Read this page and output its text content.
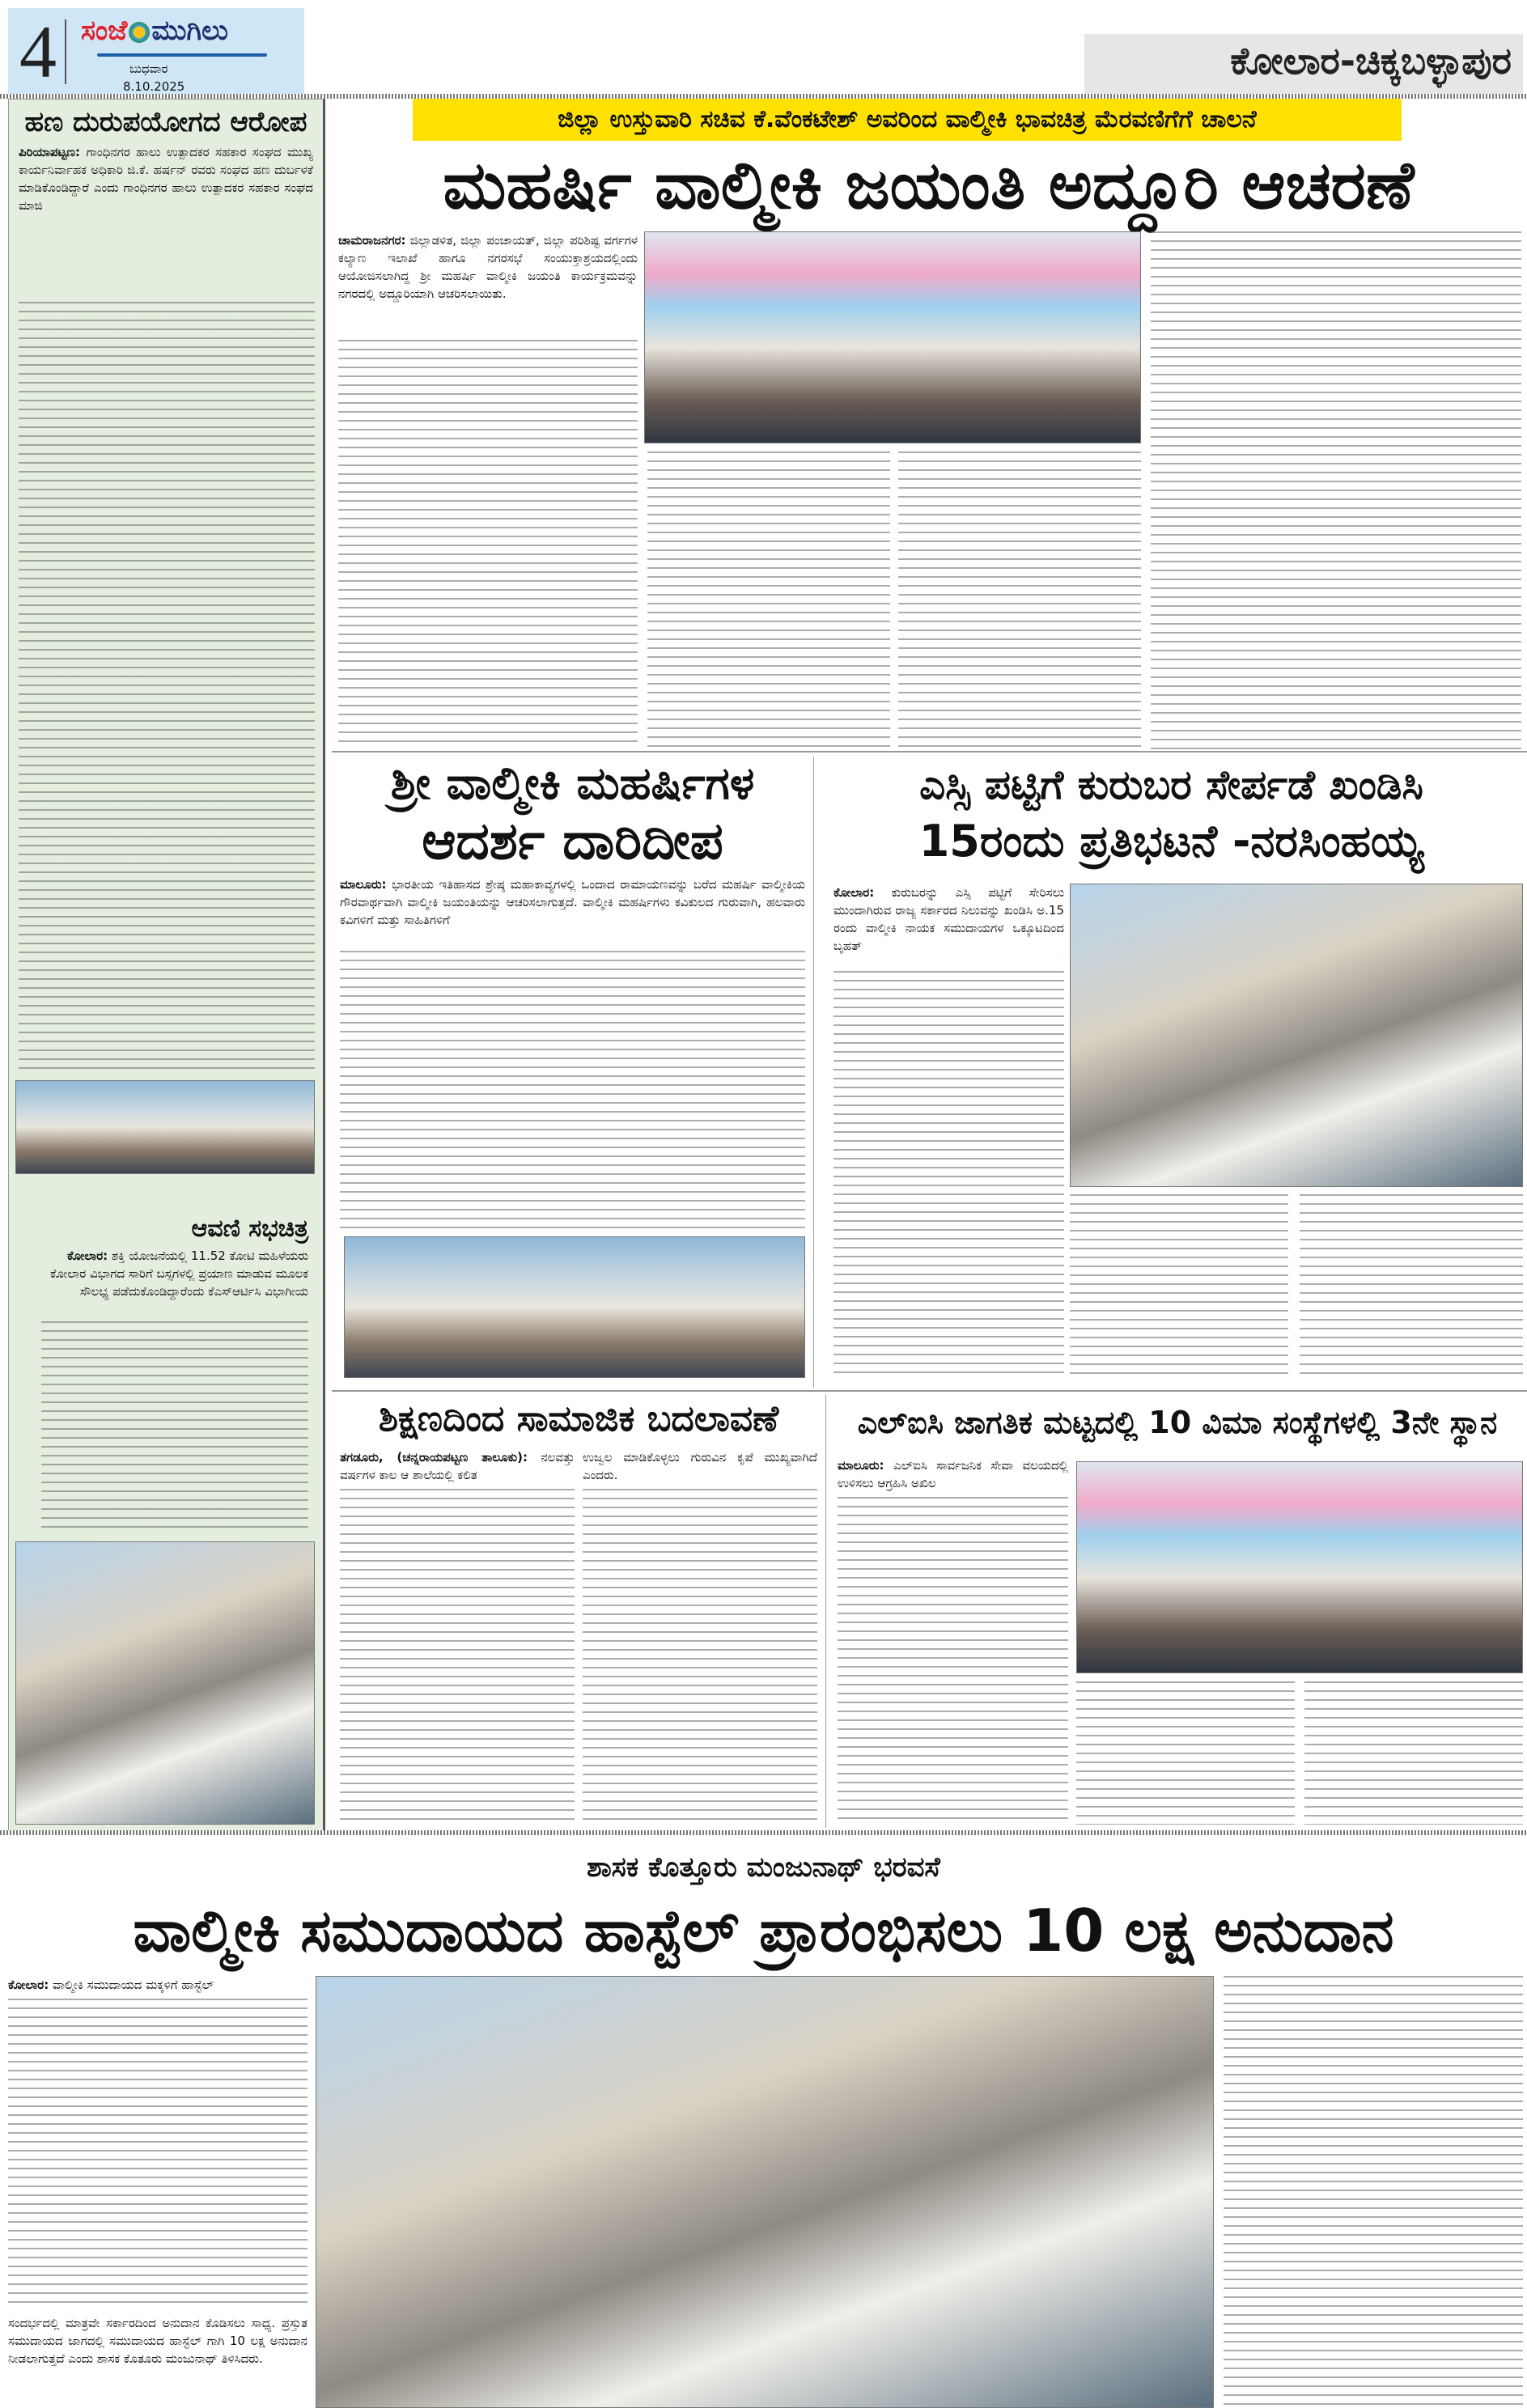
4 ಸಂಜೆ ಮುಗಿಲು
ಬುಧವಾರ
8.10.2025
ಕೋಲಾರ-ಚಿಕ್ಕಬಳ್ಳಾಪುರ
ಹಣ ದುರುಪಯೋಗದ ಆರೋಪ

ಪಿರಿಯಾಪಟ್ಟಣ: ಗಾಂಧಿನಗರ ಹಾಲು ಉತ್ಪಾದಕರ ಸಹಕಾರ ಸಂಘದ ಮುಖ್ಯ ಕಾರ್ಯನಿರ್ವಾಹಕ ಅಧಿಕಾರಿ ಜಿ.ಕೆ. ಹರ್ಷನ್ ರವರು ಸಂಘದ ಹಣ ದುರ್ಬಳಕೆ ಮಾಡಿಕೊಂಡಿದ್ದಾರೆ ಎಂದು ಗಾಂಧಿನಗರ ಹಾಲು ಉತ್ಪಾದಕರ ಸಹಕಾರ ಸಂಘದ ಮಾಜಿ

ಆವಣಿ ಸಭಚಿತ್ರ

ಕೋಲಾರ: ಶಕ್ತಿ ಯೋಜನೆಯಲ್ಲಿ 11.52 ಕೋಟಿ ಮಹಿಳೆಯರು ಕೋಲಾರ ವಿಭಾಗದ ಸಾರಿಗೆ ಬಸ್ಸಗಳಲ್ಲಿ ಪ್ರಯಾಣ ಮಾಡುವ ಮೂಲಕ ಸೌಲಭ್ಯ ಪಡೆದುಕೊಂಡಿದ್ದಾರೆಂದು ಕೆಎಸ್ಆರ್ಟಿಸಿ ವಿಭಾಗೀಯ

ಜಿಲ್ಲಾ ಉಸ್ತುವಾರಿ ಸಚಿವ ಕೆ.ವೆಂಕಟೇಶ್ ಅವರಿಂದ ವಾಲ್ಮೀಕಿ ಭಾವಚಿತ್ರ ಮೆರವಣಿಗೆಗೆ ಚಾಲನೆ
ಮಹರ್ಷಿ ವಾಲ್ಮೀಕಿ ಜಯಂತಿ ಅದ್ದೂರಿ ಆಚರಣೆ

ಚಾಮರಾಜನಗರ: ಜಿಲ್ಲಾಡಳಿತ, ಜಿಲ್ಲಾ ಪಂಚಾಯತ್, ಜಿಲ್ಲಾ ಪರಿಶಿಷ್ಟ ವರ್ಗಗಳ ಕಲ್ಯಾಣ ಇಲಾಖೆ ಹಾಗೂ ನಗರಸಭೆ ಸಂಯುಕ್ತಾಶ್ರಯದಲ್ಲಿಂದು ಆಯೋಜಿಸಲಾಗಿದ್ದ ಶ್ರೀ ಮಹರ್ಷಿ ವಾಲ್ಮೀಕಿ ಜಯಂತಿ ಕಾರ್ಯಕ್ರಮವನ್ನು ನಗರದಲ್ಲಿ ಅದ್ದೂರಿಯಾಗಿ ಆಚರಿಸಲಾಯಿತು.

ಶ್ರೀ ವಾಲ್ಮೀಕಿ ಮಹರ್ಷಿಗಳ
ಆದರ್ಶ ದಾರಿದೀಪ

ಮಾಲೂರು: ಭಾರತೀಯ ಇತಿಹಾಸದ ಶ್ರೇಷ್ಠ ಮಹಾಕಾವ್ಯಗಳಲ್ಲಿ ಒಂದಾದ ರಾಮಾಯಣವನ್ನು ಬರೆದ ಮಹರ್ಷಿ ವಾಲ್ಮೀಕಿಯ ಗೌರವಾರ್ಥವಾಗಿ ವಾಲ್ಮೀಕಿ ಜಯಂತಿಯನ್ನು ಆಚರಿಸಲಾಗುತ್ತದೆ. ವಾಲ್ಮೀಕಿ ಮಹರ್ಷಿಗಳು ಕವಿಕುಲದ ಗುರುವಾಗಿ, ಹಲವಾರು ಕವಿಗಳಿಗೆ ಮತ್ತು ಸಾಹಿತಿಗಳಿಗೆ

ಎಸ್ಸಿ ಪಟ್ಟಿಗೆ ಕುರುಬರ ಸೇರ್ಪಡೆ ಖಂಡಿಸಿ
15ರಂದು ಪ್ರತಿಭಟನೆ -ನರಸಿಂಹಯ್ಯ

ಕೋಲಾರ: ಕುರುಬರನ್ನು ಎಸ್ಸಿ ಪಟ್ಟಿಗೆ ಸೇರಿಸಲು ಮುಂದಾಗಿರುವ ರಾಜ್ಯ ಸರ್ಕಾರದ ನಿಲುವನ್ನು ಖಂಡಿಸಿ ಅ.15 ರಂದು ವಾಲ್ಮೀಕಿ ನಾಯಕ ಸಮುದಾಯಗಳ ಒಕ್ಕೂಟದಿಂದ ಬೃಹತ್

ಶಿಕ್ಷಣದಿಂದ ಸಾಮಾಜಿಕ ಬದಲಾವಣೆ

ತಗಡೂರು, (ಚನ್ನರಾಯಪಟ್ಟಣ ತಾಲೂಕು): ನಲವತ್ತು ವರ್ಷಗಳ ಕಾಲ ಆ ಶಾಲೆಯಲ್ಲಿ ಕಲಿತ

ಉಜ್ವಲ ಮಾಡಿಕೊಳ್ಳಲು ಗುರುವಿನ ಕೃಪೆ ಮುಖ್ಯವಾಗಿದೆ ಎಂದರು.

ಎಲ್‌ಐಸಿ ಜಾಗತಿಕ ಮಟ್ಟದಲ್ಲಿ 10 ವಿಮಾ ಸಂಸ್ಥೆಗಳಲ್ಲಿ 3ನೇ ಸ್ಥಾನ

ಮಾಲೂರು: ಎಲ್‌ಐಸಿ ಸಾರ್ವಜನಿಕ ಸೇವಾ ವಲಯದಲ್ಲಿ ಉಳಿಸಲು ಆಗ್ರಹಿಸಿ ಅಖಿಲ

ಶಾಸಕ ಕೊತ್ತೂರು ಮಂಜುನಾಥ್ ಭರವಸೆ
ವಾಲ್ಮೀಕಿ ಸಮುದಾಯದ ಹಾಸ್ಟೆಲ್ ಪ್ರಾರಂಭಿಸಲು 10 ಲಕ್ಷ ಅನುದಾನ

ಕೋಲಾರ: ವಾಲ್ಮೀಕಿ ಸಮುದಾಯದ ಮಕ್ಕಳಿಗೆ ಹಾಸ್ಟೆಲ್

ಸಂದರ್ಭದಲ್ಲಿ ಮಾತ್ರವೇ ಸರ್ಕಾರದಿಂದ ಅನುದಾನ ಕೊಡಿಸಲು ಸಾಧ್ಯ. ಪ್ರಸ್ತುತ ಸಮುದಾಯದ ಜಾಗದಲ್ಲಿ ಸಮುದಾಯದ ಹಾಸ್ಟೆಲ್ ಗಾಗಿ 10 ಲಕ್ಷ ಅನುದಾನ ನೀಡಲಾಗುತ್ತದೆ ಎಂದು ಶಾಸಕ ಕೊತೂರು ಮಂಜುನಾಥ್ ತಿಳಿಸಿದರು.
